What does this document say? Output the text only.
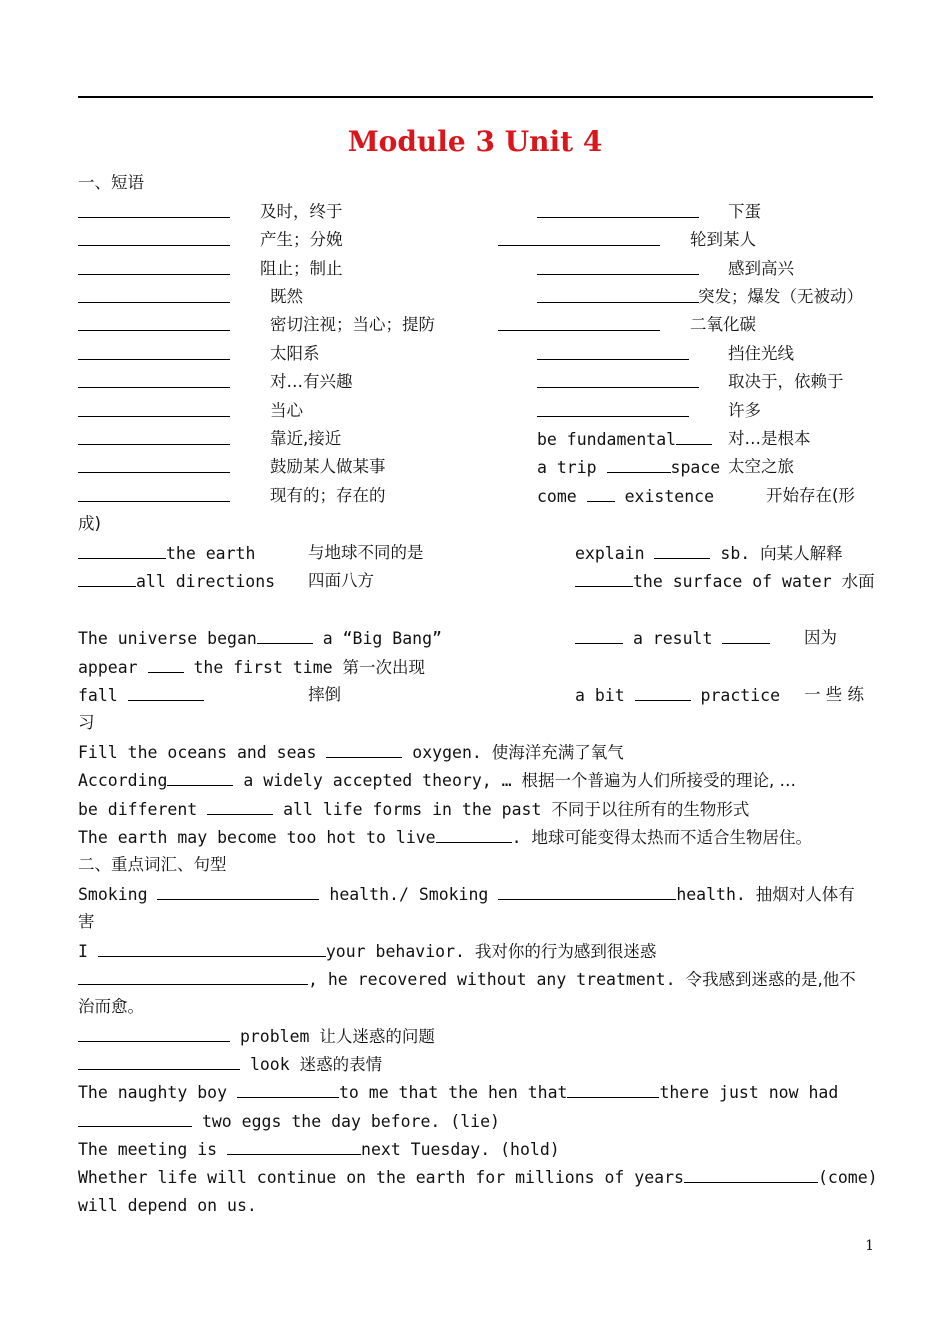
Module 3 Unit 4
一、短语
及时，终于	下蛋
产生；分娩	轮到某人
阻止；制止	感到高兴
既然	突发；爆发（无被动）
密切注视；当心；提防	二氧化碳
太阳系	挡住光线
对…有兴趣	取决于，依赖于
当心	许多
靠近,接近	be fundamental	对…是根本
鼓励某人做某事	a trip	space 太空之旅
现有的；存在的	come	existence	开始存在(形
成)
the earth	与地球不同的是	explain	sb. 向某人解释
all directions 四面八方	the surface of water 水面
The universe began	a “Big Bang”	a result	因为
appear	the first time 第一次出现
fall	摔倒	a bit	practice 一 些 练
习
Fill the oceans and seas	oxygen. 使海洋充满了氧气
According	a widely accepted theory, … 根据一个普遍为人们所接受的理论, …
be different	all life forms in the past 不同于以往所有的生物形式
The earth may become too hot to live	. 地球可能变得太热而不适合生物居住。
二、重点词汇、句型
Smoking	health./ Smoking	health. 抽烟对人体有
害
I	your behavior. 我对你的行为感到很迷惑
, he recovered without any treatment. 令我感到迷惑的是,他不
治而愈。
problem 让人迷惑的问题
look 迷惑的表情
The naughty boy	to me that the hen that	there just now had
two eggs the day before. (lie)
The meeting is	next Tuesday. (hold)
Whether life will continue on the earth for millions of years	(come)
will depend on us.
1
